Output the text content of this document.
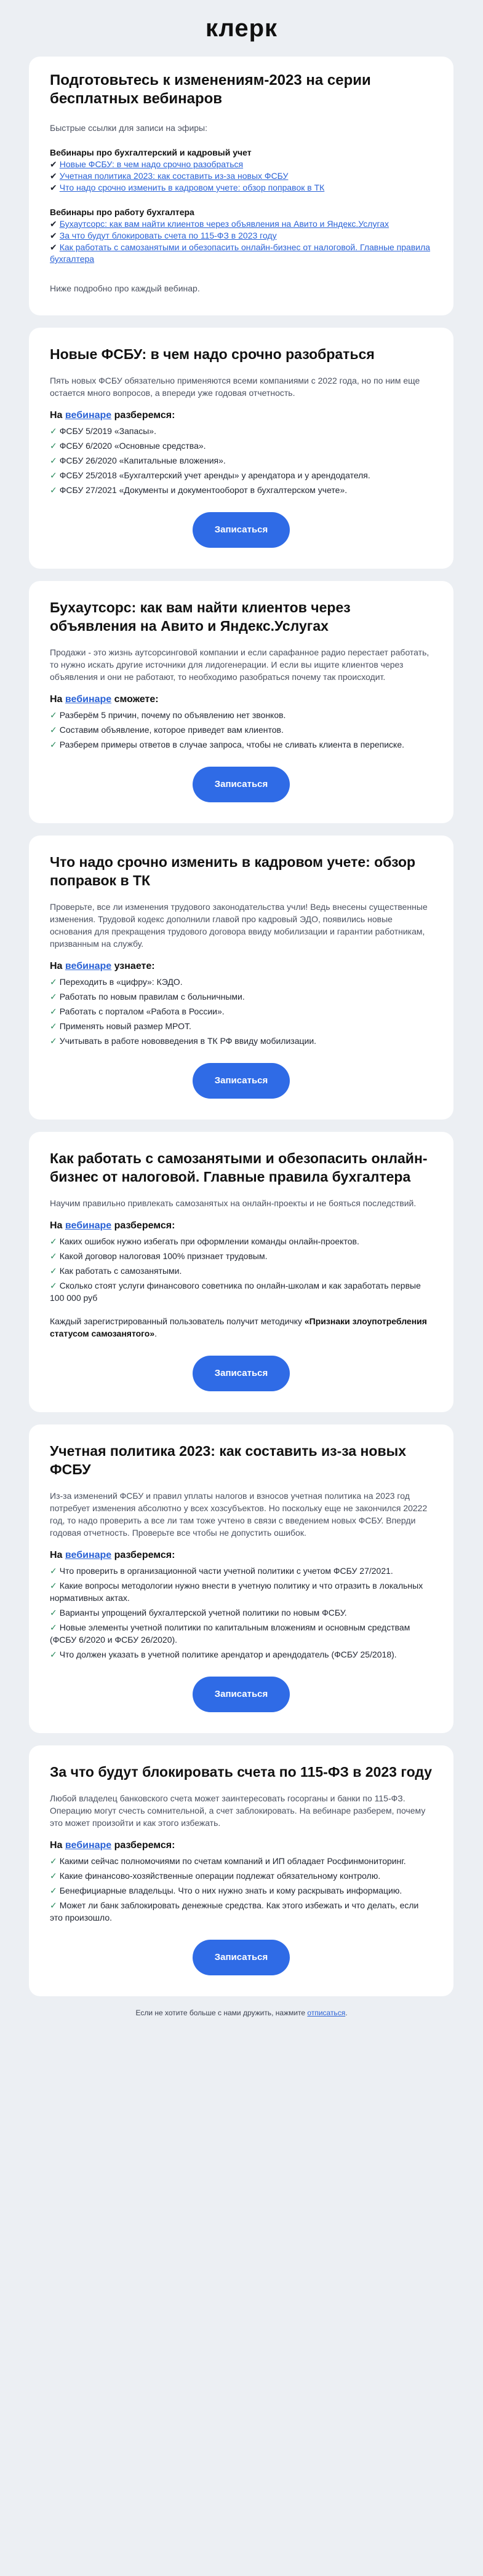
клерк
Подготовьтесь к изменениям-2023 на серии бесплатных вебинаров

Быстрые ссылки для записи на эфиры:

Вебинары про бухгалтерский и кадровый учет
✔ Новые ФСБУ: в чем надо срочно разобраться
✔ Учетная политика 2023: как составить из-за новых ФСБУ
✔ Что надо срочно изменить в кадровом учете: обзор поправок в ТК
Вебинары про работу бухгалтера
✔ Бухаутсорс: как вам найти клиентов через объявления на Авито и Яндекс.Услугах
✔ За что будут блокировать счета по 115-ФЗ в 2023 году
✔ Как работать с самозанятыми и обезопасить онлайн-бизнес от налоговой. Главные правила бухгалтера

Ниже подробно про каждый вебинар.

Новые ФСБУ: в чем надо срочно разобраться

Пять новых ФСБУ обязательно применяются всеми компаниями с 2022 года, но по ним еще остается много вопросов, а впереди уже годовая отчетность.

На вебинаре разберемся:
✓ ФСБУ 5/2019 «Запасы».
✓ ФСБУ 6/2020 «Основные средства».
✓ ФСБУ 26/2020 «Капитальные вложения».
✓ ФСБУ 25/2018 «Бухгалтерский учет аренды» у арендатора и у арендодателя.
✓ ФСБУ 27/2021 «Документы и документооборот в бухгалтерском учете».
Записаться
Бухаутсорс: как вам найти клиентов через объявления на Авито и Яндекс.Услугах

Продажи - это жизнь аутсорсинговой компании и если сарафанное радио перестает работать, то нужно искать другие источники для лидогенерации. И если вы ищите клиентов через объявления и они не работают, то необходимо разобраться почему так происходит.

На вебинаре сможете:
✓ Разберём 5 причин, почему по объявлению нет звонков.
✓ Составим объявление, которое приведет вам клиентов.
✓ Разберем примеры ответов в случае запроса, чтобы не сливать клиента в переписке.
Записаться
Что надо срочно изменить в кадровом учете: обзор поправок в ТК

Проверьте, все ли изменения трудового законодательства учли! Ведь внесены существенные изменения. Трудовой кодекс дополнили главой про кадровый ЭДО, появились новые основания для прекращения трудового договора ввиду мобилизации и гарантии работникам, призванным на службу.

На вебинаре узнаете:
✓ Переходить в «цифру»: КЭДО.
✓ Работать по новым правилам с больничными.
✓ Работать с порталом «Работа в России».
✓ Применять новый размер МРОТ.
✓ Учитывать в работе нововведения в ТК РФ ввиду мобилизации.
Записаться
Как работать с самозанятыми и обезопасить онлайн-бизнес от налоговой. Главные правила бухгалтера

Научим правильно привлекать самозанятых на онлайн-проекты и не бояться последствий.

На вебинаре разберемся:
✓ Каких ошибок нужно избегать при оформлении команды онлайн-проектов.
✓ Какой договор налоговая 100% признает трудовым.
✓ Как работать с самозанятыми.
✓ Сколько стоят услуги финансового советника по онлайн-школам и как заработать первые 100 000 руб

Каждый зарегистрированный пользователь получит методичку «Признаки злоупотребления статусом самозанятого».

Записаться
Учетная политика 2023: как составить из-за новых ФСБУ

Из-за изменений ФСБУ и правил уплаты налогов и взносов учетная политика на 2023 год потребует изменения абсолютно у всех хозсубъектов. Но поскольку еще не закончился 20222 год, то надо проверить а все ли там тоже учтено в связи с введением новых ФСБУ. Вперди годовая отчетность. Проверьте все чтобы не допустить ошибок.

На вебинаре разберемся:
✓ Что проверить в организационной части учетной политики с учетом ФСБУ 27/2021.
✓ Какие вопросы методологии нужно внести в учетную политику и что отразить в локальных нормативных актах.
✓ Варианты упрощений бухгалтерской учетной политики по новым ФСБУ.
✓ Новые элементы учетной политики по капитальным вложениям и основным средствам (ФСБУ 6/2020 и ФСБУ 26/2020).
✓ Что должен указать в учетной политике арендатор и арендодатель (ФСБУ 25/2018).
Записаться
За что будут блокировать счета по 115-ФЗ в 2023 году

Любой владелец банковского счета может заинтересовать госорганы и банки по 115-ФЗ. Операцию могут счесть сомнительной, а счет заблокировать. На вебинаре разберем, почему это может произойти и как этого избежать.

На вебинаре разберемся:
✓ Какими сейчас полномочиями по счетам компаний и ИП обладает Росфинмониторинг.
✓ Какие финансово-хозяйственные операции подлежат обязательному контролю.
✓ Бенефициарные владельцы. Что о них нужно знать и кому раскрывать информацию.
✓ Может ли банк заблокировать денежные средства. Как этого избежать и что делать, если это произошло.
Записаться
Если не хотите больше с нами дружить, нажмите отписаться.
